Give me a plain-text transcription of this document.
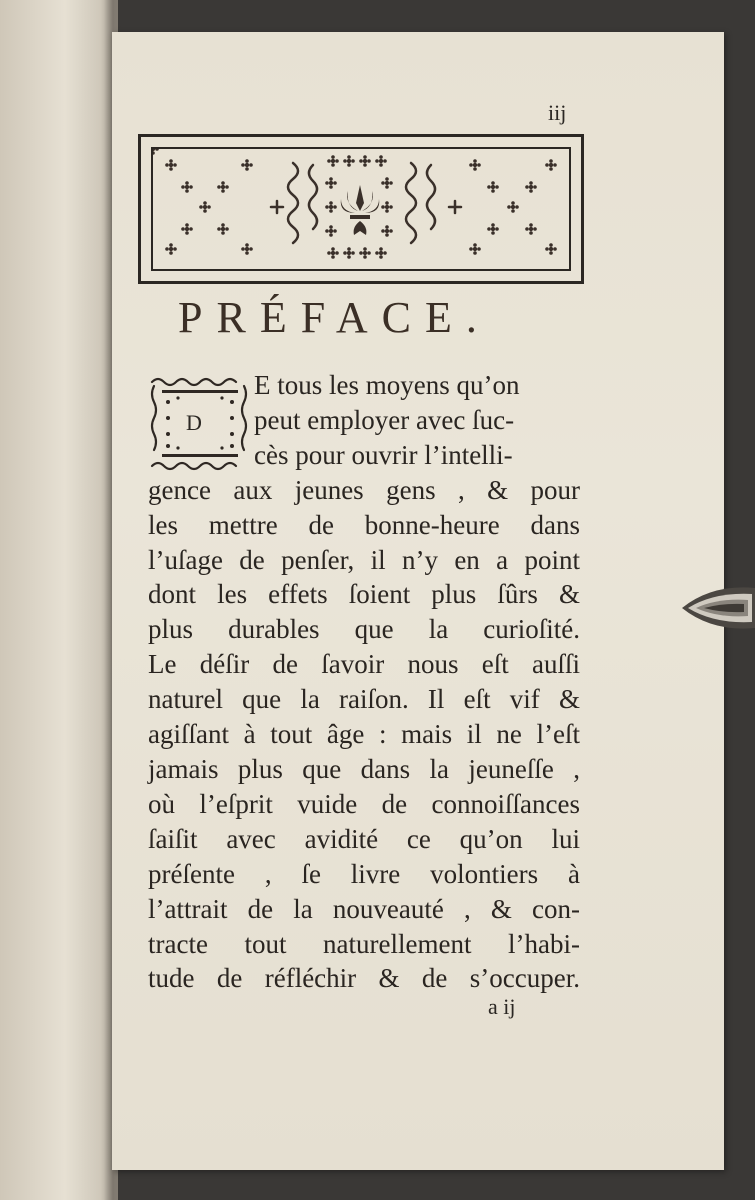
iij
PRÉFACE.
D
E tous les moyens qu’on
peut employer avec ſuc-
cès pour ouvrir l’intelli-
gence aux jeunes gens , & pour
les mettre de bonne-heure dans
l’uſage de penſer, il n’y en a point
dont les effets ſoient plus ſûrs &
plus durables que la curioſité.
Le déſir de ſavoir nous eſt auſſi
naturel que la raiſon. Il eſt vif &
agiſſant à tout âge : mais il ne l’eſt
jamais plus que dans la jeuneſſe ,
où l’eſprit vuide de connoiſſances
ſaiſit avec avidité ce qu’on lui
préſente , ſe livre volontiers à
l’attrait de la nouveauté , & con-
tracte tout naturellement l’habi-
tude de réfléchir & de s’occuper.
a ij
